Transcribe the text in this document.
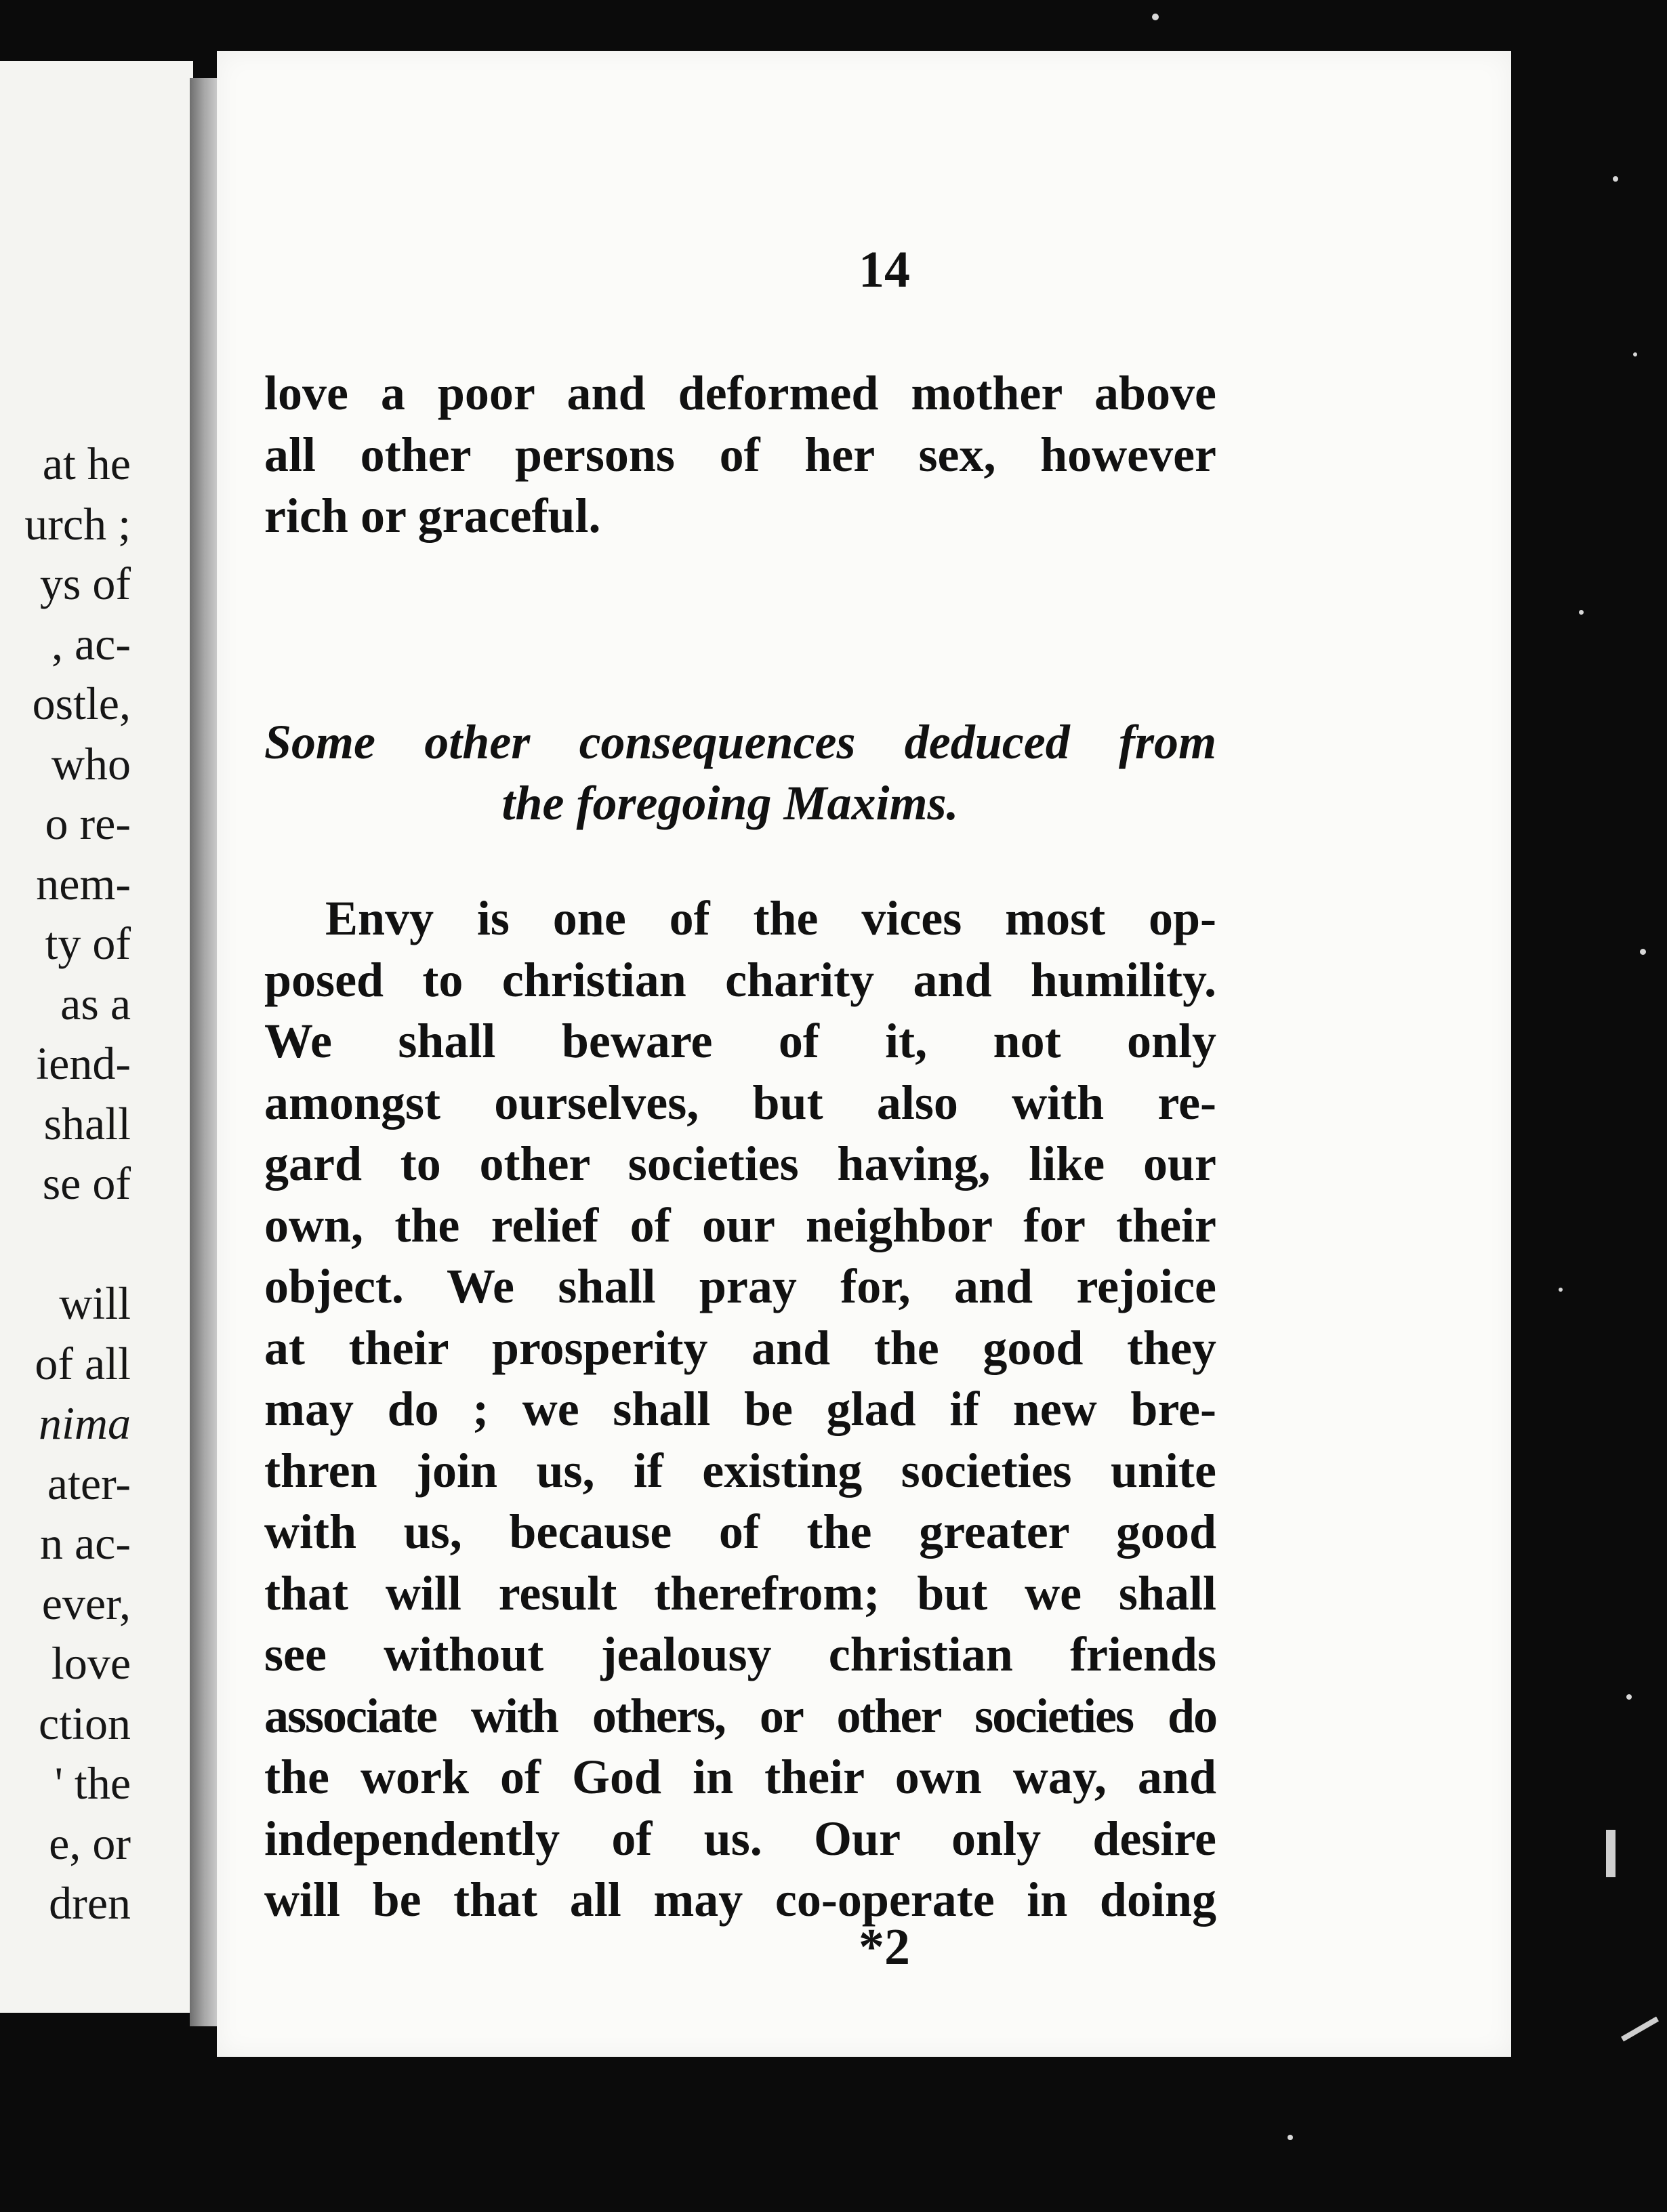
at he
urch ;
ys of
, ac-
ostle,
who
o re-
nem-
ty of
as a
iend-
shall
se of
will
of all
nima
ater-
n ac-
ever,
love
ction
' the
e, or
dren
14
love a poor and deformed mother above
all other persons of her sex, however
rich or graceful.
Some other consequences deduced from
the foregoing Maxims.
Envy is one of the vices most op-
posed to christian charity and humility.
We shall beware of it, not only
amongst ourselves, but also with re-
gard to other societies having, like our
own, the relief of our neighbor for their
object. We shall pray for, and rejoice
at their prosperity and the good they
may do ; we shall be glad if new bre-
thren join us, if existing societies unite
with us, because of the greater good
that will result therefrom; but we shall
see without jealousy christian friends
associate with others, or other societies do
the work of God in their own way, and
independently of us. Our only desire
will be that all may co-operate in doing
*2
